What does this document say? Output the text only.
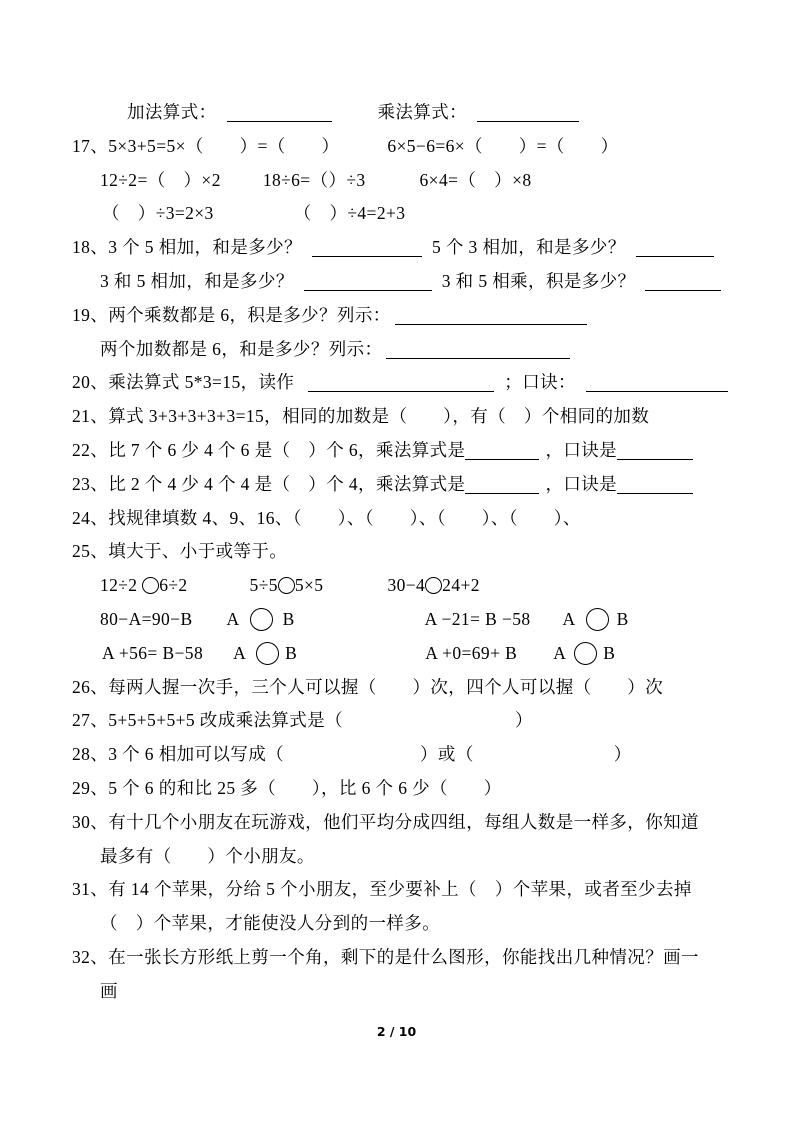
加法算式：	乘法算式：
17、5×3+5=5×（　　）=（　　）	6×5−6=6×（　　）=（　　）
12÷2=（　）×2 18÷6=（）÷3	6×4=（　）×8
（　）÷3=2×3	（　）÷4=2+3
18、3 个 5 相加，和是多少？	5 个 3 相加，和是多少？
3 和 5 相加，和是多少？	3 和 5 相乘，积是多少？
19、两个乘数都是 6，积是多少？列示：
两个加数都是 6，和是多少？列示：
20、乘法算式 5*3=15，读作	；口诀：
21、算式 3+3+3+3+3=15，相同的加数是（　　），有（　）个相同的加数
22、比 7 个 6 少 4 个 6 是（　）个 6，乘法算式是	，口诀是
23、比 2 个 4 少 4 个 4 是（　）个 4，乘法算式是	，口诀是
24、找规律填数 4、9、16、（　　）、（　　）、（　　）、（　　）、
25、填大于、小于或等于。
12÷2 6÷2	5÷5 5×5	30−4 24+2
80−A=90−B A B	A −21= B −58 A B
A +56= B−58 A B	A +0=69+ B A B
26、每两人握一次手，三个人可以握（　　）次，四个人可以握（　　）次
27、5+5+5+5+5 改成乘法算式是（	）
28、3 个 6 相加可以写成（	）或（	）
29、5 个 6 的和比 25 多（　　），比 6 个 6 少（　　）
30、有十几个小朋友在玩游戏，他们平均分成四组，每组人数是一样多，你知道
最多有（　　）个小朋友。
31、有 14 个苹果，分给 5 个小朋友，至少要补上（　）个苹果，或者至少去掉
（　）个苹果，才能使没人分到的一样多。
32、在一张长方形纸上剪一个角，剩下的是什么图形，你能找出几种情况？画一
画
2 / 10
